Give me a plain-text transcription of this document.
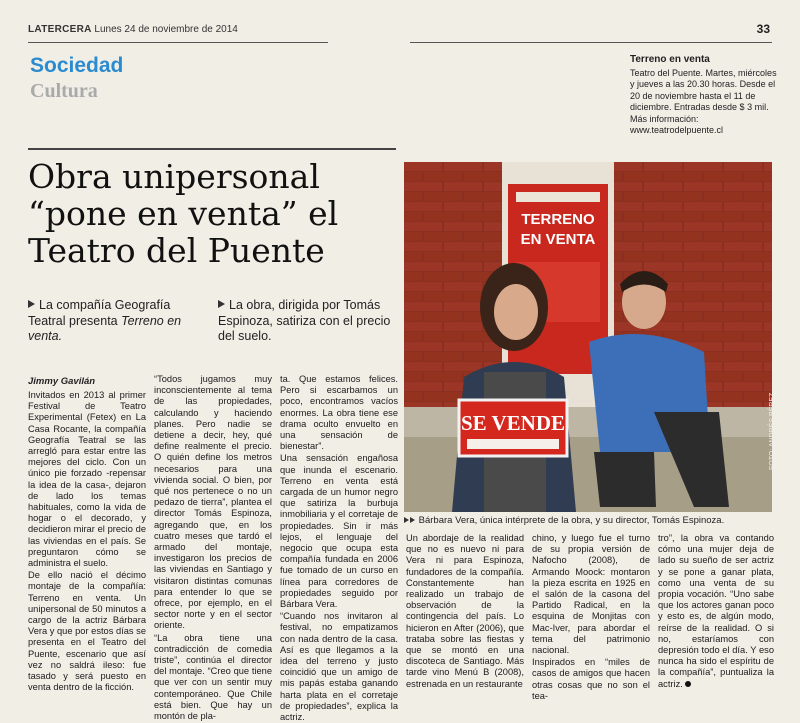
LATERCERA Lunes 24 de noviembre de 2014	33
Sociedad
Cultura
Terreno en venta
Teatro del Puente. Martes, miércoles y jueves a las 20.30 horas. Desde el 20 de noviembre hasta el 11 de diciembre. Entradas desde $ 3 mil. Más información:
www.teatrodelpuente.cl
Obra unipersonal “pone en venta” el Teatro del Puente
La compañía Geografía Teatral presenta Terreno en venta.
La obra, dirigida por Tomás Espinoza, satiriza con el precio del suelo.
TERRENO
EN VENTA
SE VENDE	FOTO: ANDRÉS PÉREZ
Bárbara Vera, única intérprete de la obra, y su director, Tomás Espinoza.
Jimmy Gavilán

Invitados en 2013 al primer Festival de Teatro Experimental (Fetex) en La Casa Rocante, la compañía Geografía Teatral se las arregló para estar entre las mejores del ciclo. Con un único pie forzado -repensar la idea de la casa-, dejaron de lado los temas habituales, como la vida de hogar o el decorado, y decidieron mirar el precio de las viviendas en el país. Se preguntaron cómo se administra el suelo.

De ello nació el décimo montaje de la compañía: Terreno en venta. Un unipersonal de 50 minutos a cargo de la actriz Bárbara Vera y que por estos días se presenta en el Teatro del Puente, escenario que así vez no saldrá ileso: fue tasado y será puesto en venta dentro de la ficción.

“Todos jugamos muy inconscientemente al tema de las propiedades, calculando y haciendo planes. Pero nadie se detiene a decir, hey, qué define realmente el precio. O quién define los metros necesarios para una vivienda social. O bien, por qué nos pertenece o no un pedazo de tierra”, plantea el director Tomás Espinoza, agregando que, en los cuatro meses que tardó el armado del montaje, investigaron los precios de las viviendas en Santiago y visitaron distintas comunas para entender lo que se ofrece, por ejemplo, en el sector norte y en el sector oriente.

“La obra tiene una contradicción de comedia triste”, continúa el director del montaje. “Creo que tiene que ver con un sentir muy contemporáneo. Que Chile está bien. Que hay un montón de pla-

ta. Que estamos felices. Pero si escarbamos un poco, encontramos vacíos enormes. La obra tiene ese drama oculto envuelto en una sensación de bienestar”.

Una sensación engañosa que inunda el escenario. Terreno en venta está cargada de un humor negro que satiriza la burbuja inmobiliaria y el corretaje de propiedades. Sin ir más lejos, el lenguaje del negocio que ocupa esta compañía fundada en 2006 fue tomado de un curso en línea para corredores de propiedades seguido por Bárbara Vera.

“Cuando nos invitaron al festival, no empatizamos con nada dentro de la casa. Así es que llegamos a la idea del terreno y justo coincidió que un amigo de mis papás estaba ganando harta plata en el corretaje de propiedades”, explica la actriz.

Un abordaje de la realidad que no es nuevo ni para Vera ni para Espinoza, fundadores de la compañía. Constantemente han realizado un trabajo de observación de la contingencia del país. Lo hicieron en After (2006), que trataba sobre las fiestas y que se montó en una discoteca de Santiago. Más tarde vino Menú B (2008), estrenada en un restaurante

chino, y luego fue el turno de su propia versión de Nafocho (2008), de Armando Moock: montaron la pieza escrita en 1925 en el salón de la casona del Partido Radical, en la esquina de Monjitas con Mac-Iver, para abordar el tema del patrimonio nacional.

Inspirados en “miles de casos de amigos que hacen otras cosas que no son el tea-

tro”, la obra va contando cómo una mujer deja de lado su sueño de ser actriz y se pone a ganar plata, como una venta de su propia vocación. “Uno sabe que los actores ganan poco y esto es, de algún modo, reírse de la realidad. O si no, estaríamos con depresión todo el día. Y eso nunca ha sido el espíritu de la compañía”, puntualiza la actriz.
